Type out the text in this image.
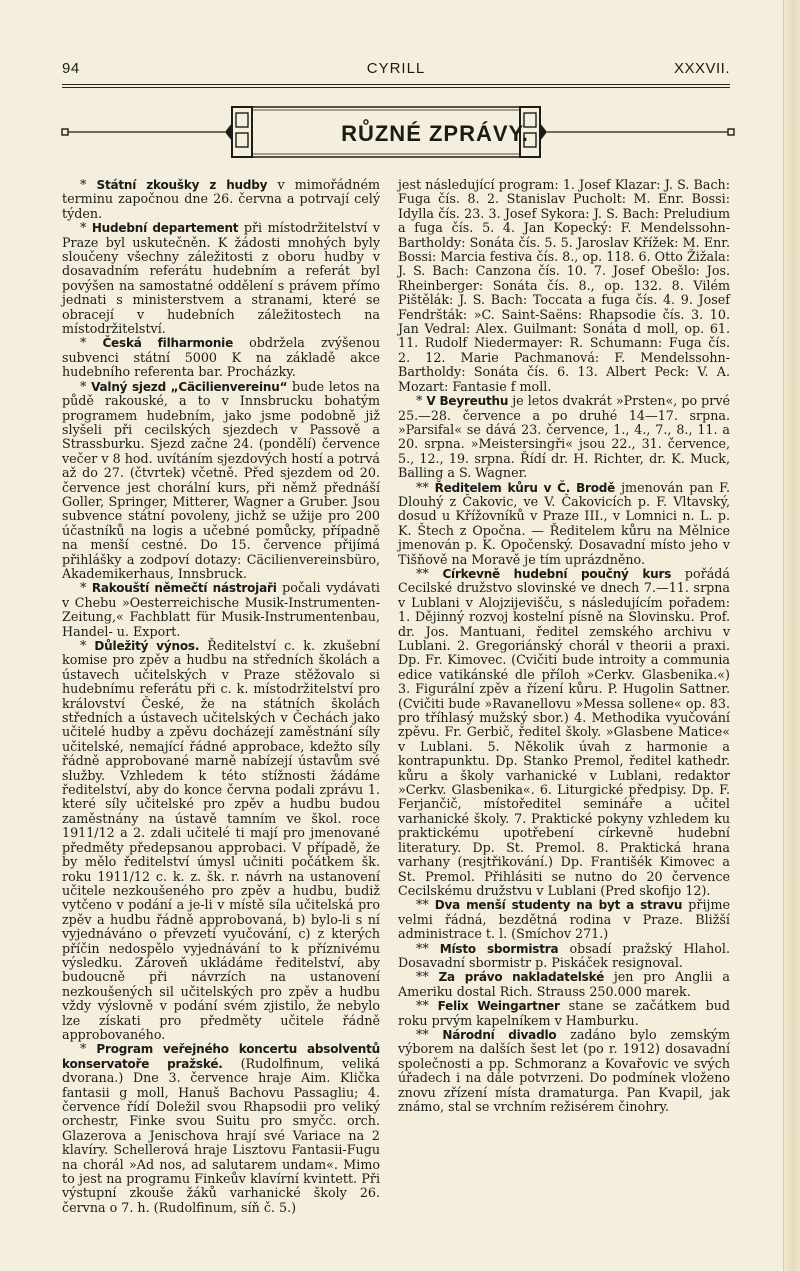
CYRILL
94	XXXVII.
RŮZNÉ ZPRÁVY.

* Státní zkoušky z hudby v mimořádném terminu započnou dne 26. června a potrvají celý týden.

* Hudební departement při místodržitelství v Praze byl uskutečněn. K žádosti mnohých byly sloučeny všechny záležitosti z oboru hudby v dosavadním referátu hudebním a referát byl povýšen na samostatné oddělení s právem přímo jednati s ministerstvem a stranami, které se obracejí v hudebních záležitostech na místodržitelství.

* Česká filharmonie obdržela zvýšenou subvenci státní 5000 K na základě akce hudebního referenta bar. Procházky.

* Valný sjezd „Cäcilienvereinu“ bude letos na půdě rakouské, a to v Innsbrucku bohatým programem hudebním, jako jsme podobně již slyšeli při cecilských sjezdech v Passově a Strassburku. Sjezd začne 24. (pondělí) července večer v 8 hod. uvítáním sjezdových hostí a potrvá až do 27. (čtvrtek) včetně. Před sjezdem od 20. července jest chorální kurs, při němž přednáší Goller, Springer, Mitterer, Wagner a Gruber. Jsou subvence státní povoleny, jichž se užije pro 200 účastníků na logis a učebné pomůcky, případně na menší cestné. Do 15. července přijímá přihlášky a zodpoví dotazy: Cäcilienvereinsbüro, Akademikerhaus, Innsbruck.

* Rakouští němečtí nástrojaři počali vydávati v Chebu »Oesterreichische Musik-Instrumenten-Zeitung,« Fachblatt für Musik-Instrumentenbau, Handel- u. Export.

* Důležitý výnos. Ředitelství c. k. zkušební komise pro zpěv a hudbu na středních školách a ústavech učitelských v Praze stěžovalo si hudebnímu referátu při c. k. místodržitelství pro království České, že na státních školách středních a ústavech učitelských v Čechách jako učitelé hudby a zpěvu docházejí zaměstnání síly učitelské, nemající řádné approbace, kdežto síly řádně approbované marně nabízejí ústavům své služby. Vzhledem k této stížnosti žádáme ředitelství, aby do konce června podali zprávu 1. které síly učitelské pro zpěv a hudbu budou zaměstnány na ústavě tamním ve škol. roce 1911/12 a 2. zdali učitelé ti mají pro jmenované předměty předepsanou approbaci. V případě, že by mělo ředitelství úmysl učiniti počátkem šk. roku 1911/12 c. k. z. šk. r. návrh na ustanovení učitele nezkoušeného pro zpěv a hudbu, budiž vytčeno v podání a je-li v místě síla učitelská pro zpěv a hudbu řádně approbovaná, b) bylo-li s ní vyjednáváno o převzetí vyučování, c) z kterých příčin nedospělo vyjednávání to k příznivému výsledku. Zároveň ukládáme ředitelství, aby budoucně při návrzích na ustanovení nezkoušených sil učitelských pro zpěv a hudbu vždy výslovně v podání svém zjistilo, že nebylo lze získati pro předměty učitele řádně approbovaného.

* Program veřejného koncertu absolventů konservatoře pražské. (Rudolfinum, veliká dvorana.) Dne 3. července hraje Aim. Klička fantasii g moll, Hanuš Bachovu Passagliu; 4. července řídí Doležil svou Rhapsodii pro veliký orchestr, Finke svou Suitu pro smyčc. orch. Glazerova a Jenischova hrají své Variace na 2 klavíry. Schellerová hraje Lisztovu Fantasii-Fugu na chorál »Ad nos, ad salutarem undam«. Mimo to jest na programu Finkeův klavírní kvintett. Při výstupní zkouše žáků varhanické školy 26. června o 7. h. (Rudolfinum, síň č. 5.)

jest následující program: 1. Josef Klazar: J. S. Bach: Fuga čís. 8. 2. Stanislav Pucholt: M. Enr. Bossi: Idylla čís. 23. 3. Josef Sykora: J. S. Bach: Preludium a fuga čís. 5. 4. Jan Kopecký: F. Mendelssohn-Bartholdy: Sonáta čís. 5. 5. Jaroslav Křížek: M. Enr. Bossi: Marcia festiva čís. 8., op. 118. 6. Otto Žižala: J. S. Bach: Canzona čís. 10. 7. Josef Obešlo: Jos. Rheinberger: Sonáta čís. 8., op. 132. 8. Vilém Pištělák: J. S. Bach: Toccata a fuga čís. 4. 9. Josef Fendršták: »C. Saint-Saëns: Rhapsodie čís. 3. 10. Jan Vedral: Alex. Guilmant: Sonáta d moll, op. 61. 11. Rudolf Niedermayer: R. Schumann: Fuga čís. 2. 12. Marie Pachmanová: F. Mendelssohn-Bartholdy: Sonáta čís. 6. 13. Albert Peck: V. A. Mozart: Fantasie f moll.

* V Beyreuthu je letos dvakrát »Prsten«, po prvé 25.—28. července a po druhé 14—17. srpna. »Parsifal« se dává 23. července, 1., 4., 7., 8., 11. a 20. srpna. »Meistersingři« jsou 22., 31. července, 5., 12., 19. srpna. Řídí dr. H. Richter, dr. K. Muck, Balling a S. Wagner.

** Ředitelem kůru v Č. Brodě jmenován pan F. Dlouhý z Čakovic, ve V. Čakovicích p. F. Vltavský, dosud u Křížovníků v Praze III., v Lomnici n. L. p. K. Štech z Opočna. — Ředitelem kůru na Mělnice jmenován p. K. Opočenský. Dosavadní místo jeho v Tišňově na Moravě je tím uprázdněno.

** Církevně hudební poučný kurs pořádá Cecilské družstvo slovinské ve dnech 7.—11. srpna v Lublani v Alojzijevišču, s následujícím pořadem: 1. Dějinný rozvoj kostelní písně na Slovinsku. Prof. dr. Jos. Mantuani, ředitel zemského archivu v Lublani. 2. Gregoriánský chorál v theorii a praxi. Dp. Fr. Kimovec. (Cvičiti bude introity a communia edice vatikánské dle příloh »Cerkv. Glasbenika.«) 3. Figurální zpěv a řízení kůru. P. Hugolin Sattner. (Cvičiti bude »Ravanellovu »Messa sollene« op. 83. pro tříhlasý mužský sbor.) 4. Methodika vyučování zpěvu. Fr. Gerbič, ředitel školy. »Glasbene Matice« v Lublani. 5. Několik úvah z harmonie a kontrapunktu. Dp. Stanko Premol, ředitel kathedr. kůru a školy varhanické v Lublani, redaktor »Cerkv. Glasbenika«. 6. Liturgické předpisy. Dp. F. Ferjančič, místoředitel semináře a učitel varhanické školy. 7. Praktické pokyny vzhledem ku praktickému upotřebení církevně hudební literatury. Dp. St. Premol. 8. Praktická hrana varhany (resjtřikování.) Dp. Františék Kimovec a St. Premol. Přihlásiti se nutno do 20 července Cecilskému družstvu v Lublani (Pred skofijo 12).

** Dva menší studenty na byt a stravu přijme velmi řádná, bezdětná rodina v Praze. Bližší administrace t. l. (Smíchov 271.)

** Místo sbormistra obsadí pražský Hlahol. Dosavadní sbormistr p. Piskáček resignoval.

** Za právo nakladatelské jen pro Anglii a Ameriku dostal Rich. Strauss 250.000 marek.

** Felix Weingartner stane se začátkem bud roku prvým kapelníkem v Hamburku.

** Národní divadlo zadáno bylo zemským výborem na dalších šest let (po r. 1912) dosavadní společnosti a pp. Schmoranz a Kovařovic ve svých úřadech i na dále potvrzeni. Do podmínek vloženo znovu zřízení místa dramaturga. Pan Kvapil, jak známo, stal se vrchním režisérem činohry.
